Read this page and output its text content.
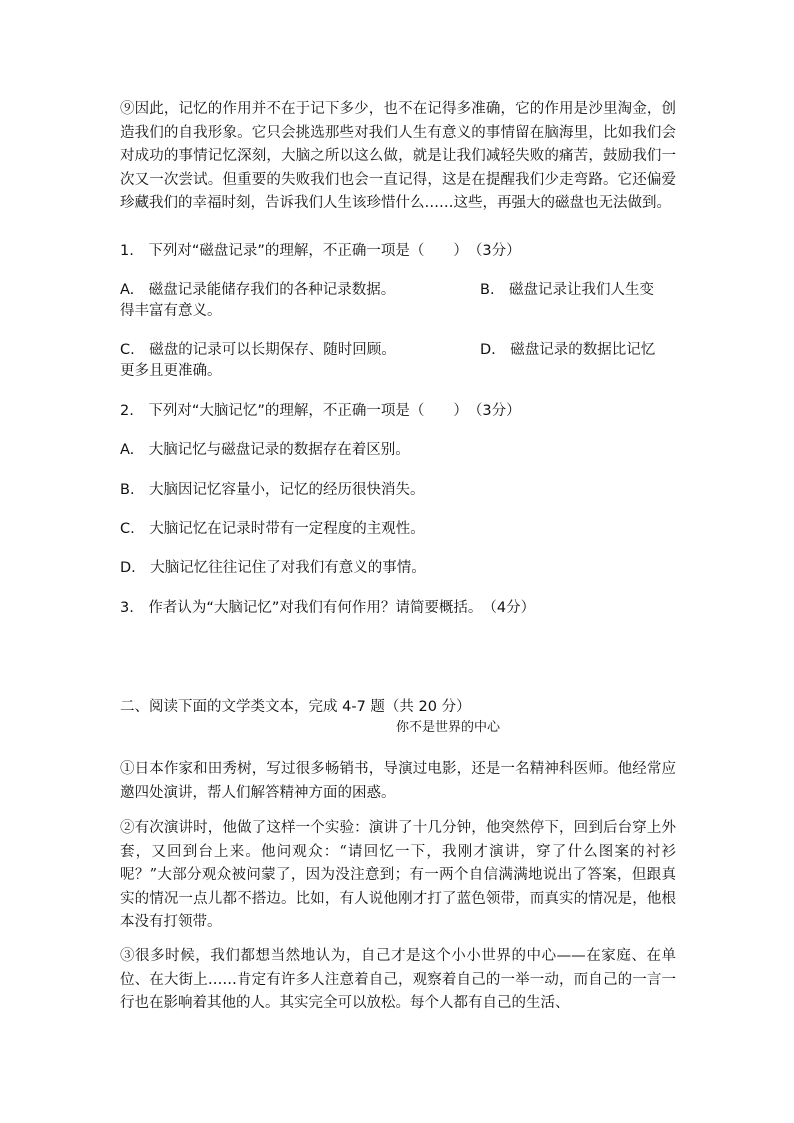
⑨因此，记忆的作用并不在于记下多少，也不在记得多准确，它的作用是沙里淘金，创造我们的自我形象。它只会挑选那些对我们人生有意义的事情留在脑海里，比如我们会对成功的事情记忆深刻，大脑之所以这么做，就是让我们减轻失败的痛苦，鼓励我们一次又一次尝试。但重要的失败我们也会一直记得，这是在提醒我们少走弯路。它还偏爱珍藏我们的幸福时刻，告诉我们人生该珍惜什么……这些，再强大的磁盘也无法做到。

1.　下列对“磁盘记录”的理解，不正确一项是（　　）　（3分）
A.　磁盘记录能储存我们的各种记录数据。	B.　磁盘记录让我们人生变
得丰富有意义。
C.　磁盘的记录可以长期保存、随时回顾。	D.　磁盘记录的数据比记忆
更多且更准确。
2.　下列对“大脑记忆”的理解，不正确一项是（　　）　（3分）
A.　大脑记忆与磁盘记录的数据存在着区别。
B.　大脑因记忆容量小，记忆的经历很快消失。
C.　大脑记忆在记录时带有一定程度的主观性。
D.　大脑记忆往往记住了对我们有意义的事情。
3.　作者认为“大脑记忆”对我们有何作用？请简要概括。　（4分）
二、阅读下面的文学类文本，完成 4-7 题（共 20 分）
你不是世界的中心

①日本作家和田秀树，写过很多畅销书，导演过电影，还是一名精神科医师。他经常应邀四处演讲，帮人们解答精神方面的困惑。

②有次演讲时，他做了这样一个实验：演讲了十几分钟，他突然停下，回到后台穿上外套，又回到台上来。他问观众：“请回忆一下，我刚才演讲，穿了什么图案的衬衫呢？”大部分观众被问蒙了，因为没注意到；有一两个自信满满地说出了答案，但跟真实的情况一点儿都不搭边。比如，有人说他刚才打了蓝色领带，而真实的情况是，他根本没有打领带。

③很多时候，我们都想当然地认为，自己才是这个小小世界的中心——在家庭、在单位、在大街上……肯定有许多人注意着自己，观察着自己的一举一动，而自己的一言一行也在影响着其他的人。其实完全可以放松。每个人都有自己的生活、
